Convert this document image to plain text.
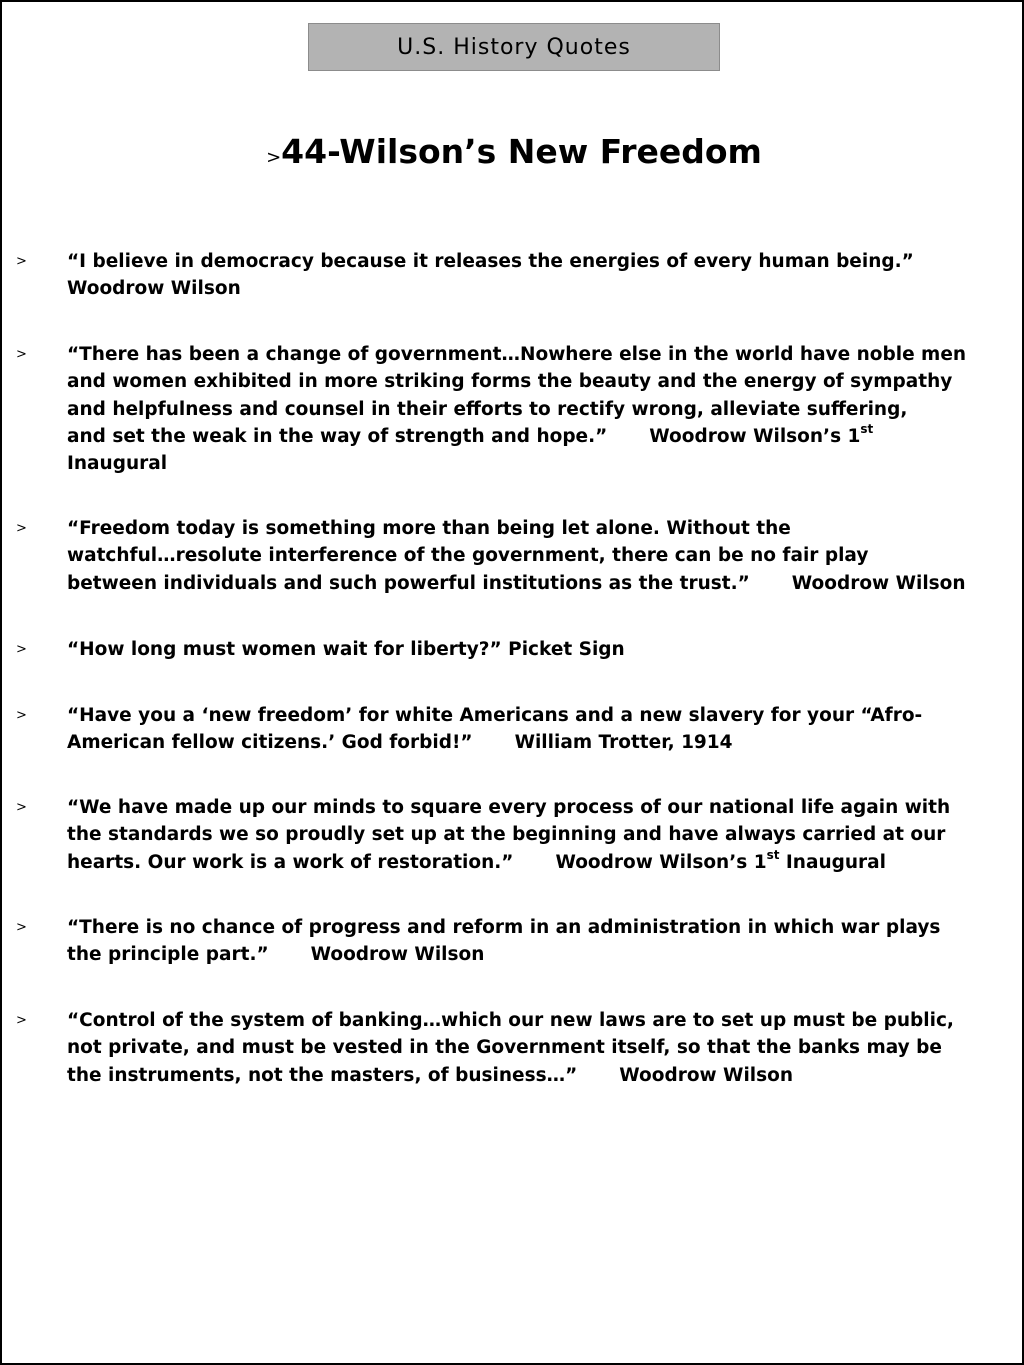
U.S. History Quotes
>44-Wilson’s New Freedom
> “I believe in democracy because it releases the energies of every human being.”
Woodrow Wilson
> “There has been a change of government…Nowhere else in the world have noble men
and women exhibited in more striking forms the beauty and the energy of sympathy
and helpfulness and counsel in their efforts to rectify wrong, alleviate suffering,
and set the weak in the way of strength and hope.” Woodrow Wilson’s 1st
Inaugural
> “Freedom today is something more than being let alone. Without the
watchful…resolute interference of the government, there can be no fair play
between individuals and such powerful institutions as the trust.” Woodrow Wilson
> “How long must women wait for liberty?” Picket Sign
> “Have you a ‘new freedom’ for white Americans and a new slavery for your “Afro-
American fellow citizens.’ God forbid!” William Trotter, 1914
> “We have made up our minds to square every process of our national life again with
the standards we so proudly set up at the beginning and have always carried at our
hearts. Our work is a work of restoration.” Woodrow Wilson’s 1st Inaugural
> “There is no chance of progress and reform in an administration in which war plays
the principle part.” Woodrow Wilson
> “Control of the system of banking…which our new laws are to set up must be public,
not private, and must be vested in the Government itself, so that the banks may be
the instruments, not the masters, of business…” Woodrow Wilson
